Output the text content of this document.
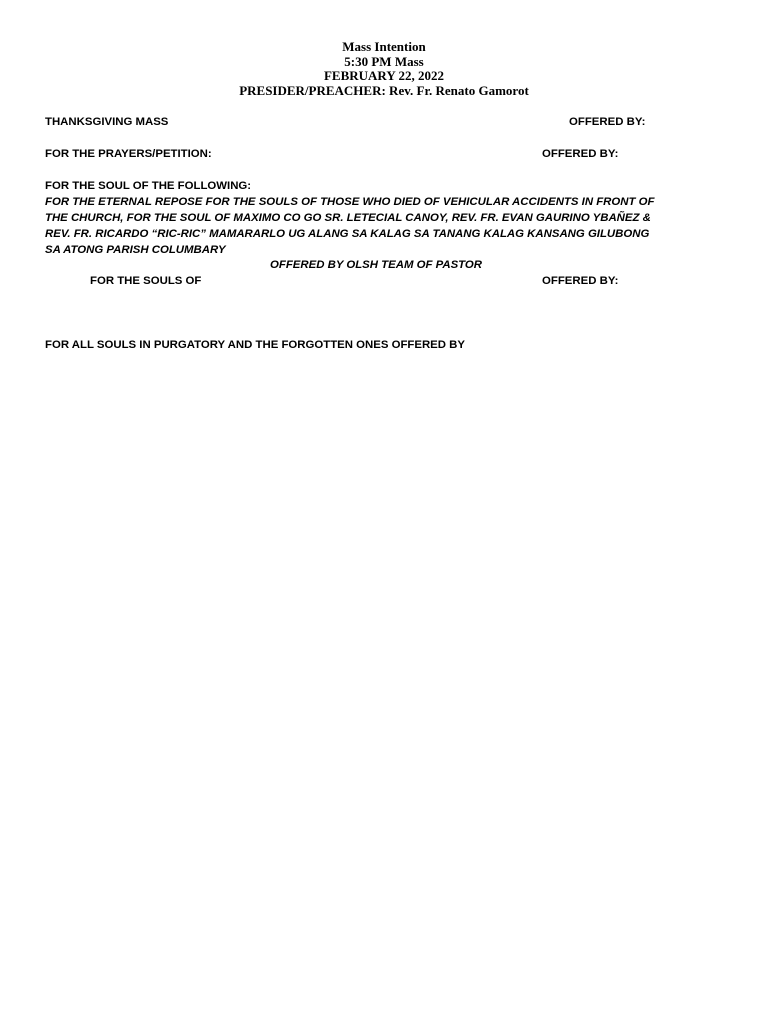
Mass Intention
5:30 PM Mass
FEBRUARY 22, 2022
PRESIDER/PREACHER: Rev. Fr. Renato Gamorot
THANKSGIVING MASS	OFFERED BY:
FOR THE PRAYERS/PETITION:	OFFERED BY:
FOR THE SOUL OF THE FOLLOWING:
FOR THE ETERNAL REPOSE FOR THE SOULS OF THOSE WHO DIED OF VEHICULAR ACCIDENTS IN FRONT OF
THE CHURCH, FOR THE SOUL OF MAXIMO CO GO SR. LETECIAL CANOY, REV. FR. EVAN GAURINO YBAÑEZ &
REV. FR. RICARDO “RIC-RIC” MAMARARLO UG ALANG SA KALAG SA TANANG KALAG KANSANG GILUBONG
SA ATONG PARISH COLUMBARY
OFFERED BY OLSH TEAM OF PASTOR
FOR THE SOULS OF	OFFERED BY:
FOR ALL SOULS IN PURGATORY AND THE FORGOTTEN ONES OFFERED BY
